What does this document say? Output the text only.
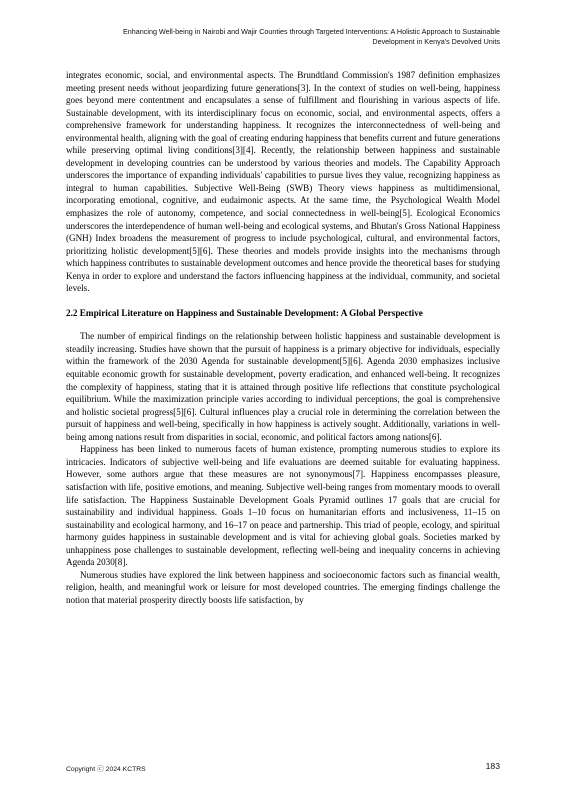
Enhancing Well-being in Nairobi and Wajir Counties through Targeted Interventions: A Holistic Approach to Sustainable
Development in Kenya's Devolved Units

integrates economic, social, and environmental aspects. The Brundtland Commission's 1987 definition emphasizes meeting present needs without jeopardizing future generations[3]. In the context of studies on well-being, happiness goes beyond mere contentment and encapsulates a sense of fulfillment and flourishing in various aspects of life. Sustainable development, with its interdisciplinary focus on economic, social, and environmental aspects, offers a comprehensive framework for understanding happiness. It recognizes the interconnectedness of well-being and environmental health, aligning with the goal of creating enduring happiness that benefits current and future generations while preserving optimal living conditions[3][4]. Recently, the relationship between happiness and sustainable development in developing countries can be understood by various theories and models. The Capability Approach underscores the importance of expanding individuals' capabilities to pursue lives they value, recognizing happiness as integral to human capabilities. Subjective Well-Being (SWB) Theory views happiness as multidimensional, incorporating emotional, cognitive, and eudaimonic aspects. At the same time, the Psychological Wealth Model emphasizes the role of autonomy, competence, and social connectedness in well-being[5]. Ecological Economics underscores the interdependence of human well-being and ecological systems, and Bhutan's Gross National Happiness (GNH) Index broadens the measurement of progress to include psychological, cultural, and environmental factors, prioritizing holistic development[5][6]. These theories and models provide insights into the mechanisms through which happiness contributes to sustainable development outcomes and hence provide the theoretical bases for studying Kenya in order to explore and understand the factors influencing happiness at the individual, community, and societal levels.

2.2 Empirical Literature on Happiness and Sustainable Development: A Global Perspective

The number of empirical findings on the relationship between holistic happiness and sustainable development is steadily increasing. Studies have shown that the pursuit of happiness is a primary objective for individuals, especially within the framework of the 2030 Agenda for sustainable development[5][6]. Agenda 2030 emphasizes inclusive equitable economic growth for sustainable development, poverty eradication, and enhanced well-being. It recognizes the complexity of happiness, stating that it is attained through positive life reflections that constitute psychological equilibrium. While the maximization principle varies according to individual perceptions, the goal is comprehensive and holistic societal progress[5][6]. Cultural influences play a crucial role in determining the correlation between the pursuit of happiness and well-being, specifically in how happiness is actively sought. Additionally, variations in well-being among nations result from disparities in social, economic, and political factors among nations[6].

Happiness has been linked to numerous facets of human existence, prompting numerous studies to explore its intricacies. Indicators of subjective well-being and life evaluations are deemed suitable for evaluating happiness. However, some authors argue that these measures are not synonymous[7]. Happiness encompasses pleasure, satisfaction with life, positive emotions, and meaning. Subjective well-being ranges from momentary moods to overall life satisfaction. The Happiness Sustainable Development Goals Pyramid outlines 17 goals that are crucial for sustainability and individual happiness. Goals 1–10 focus on humanitarian efforts and inclusiveness, 11–15 on sustainability and ecological harmony, and 16–17 on peace and partnership. This triad of people, ecology, and spiritual harmony guides happiness in sustainable development and is vital for achieving global goals. Societies marked by unhappiness pose challenges to sustainable development, reflecting well-being and inequality concerns in achieving Agenda 2030[8].

Numerous studies have explored the link between happiness and socioeconomic factors such as financial wealth, religion, health, and meaningful work or leisure for most developed countries. The emerging findings challenge the notion that material prosperity directly boosts life satisfaction, by

Copyright ⓒ 2024 KCTRS	183
